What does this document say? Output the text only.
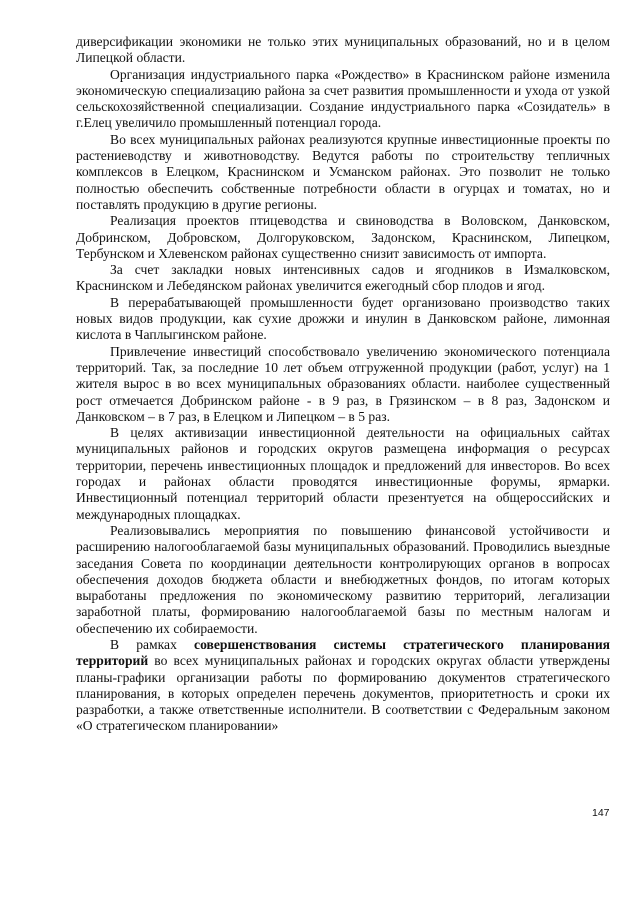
диверсификации экономики не только этих муниципальных образований, но и в целом Липецкой области.

Организация индустриального парка «Рождество» в Краснинском районе изменила экономическую специализацию района за счет развития промышленности и ухода от узкой сельскохозяйственной специализации. Создание индустриального парка «Созидатель» в г.Елец увеличило промышленный потенциал города.

Во всех муниципальных районах реализуются крупные инвестиционные проекты по растениеводству и животноводству. Ведутся работы по строительству тепличных комплексов в Елецком, Краснинском и Усманском районах. Это позволит не только полностью обеспечить собственные потребности области в огурцах и томатах, но и поставлять продукцию в другие регионы.

Реализация проектов птицеводства и свиноводства в Воловском, Данковском, Добринском, Добровском, Долгоруковском, Задонском, Краснинском, Липецком, Тербунском и Хлевенском районах существенно снизит зависимость от импорта.

За счет закладки новых интенсивных садов и ягодников в Измалковском, Краснинском и Лебедянском районах увеличится ежегодный сбор плодов и ягод.

В перерабатывающей промышленности будет организовано производство таких новых видов продукции, как сухие дрожжи и инулин в Данковском районе, лимонная кислота в Чаплыгинском районе.

Привлечение инвестиций способствовало увеличению экономического потенциала территорий. Так, за последние 10 лет объем отгруженной продукции (работ, услуг) на 1 жителя вырос в во всех муниципальных образованиях области. наиболее существенный рост отмечается Добринском районе - в 9 раз, в Грязинском – в 8 раз, Задонском и Данковском – в 7 раз, в Елецком и Липецком – в 5 раз.

В целях активизации инвестиционной деятельности на официальных сайтах муниципальных районов и городских округов размещена информация о ресурсах территории, перечень инвестиционных площадок и предложений для инвесторов. Во всех городах и районах области проводятся инвестиционные форумы, ярмарки. Инвестиционный потенциал территорий области презентуется на общероссийских и международных площадках.

Реализовывались мероприятия по повышению финансовой устойчивости и расширению налогооблагаемой базы муниципальных образований. Проводились выездные заседания Совета по координации деятельности контролирующих органов в вопросах обеспечения доходов бюджета области и внебюджетных фондов, по итогам которых выработаны предложения по экономическому развитию территорий, легализации заработной платы, формированию налогооблагаемой базы по местным налогам и обеспечению их собираемости.

В рамках совершенствования системы стратегического планирования территорий во всех муниципальных районах и городских округах области утверждены планы-графики организации работы по формированию документов стратегического планирования, в которых определен перечень документов, приоритетность и сроки их разработки, а также ответственные исполнители. В соответствии с Федеральным законом «О стратегическом планировании»

147
